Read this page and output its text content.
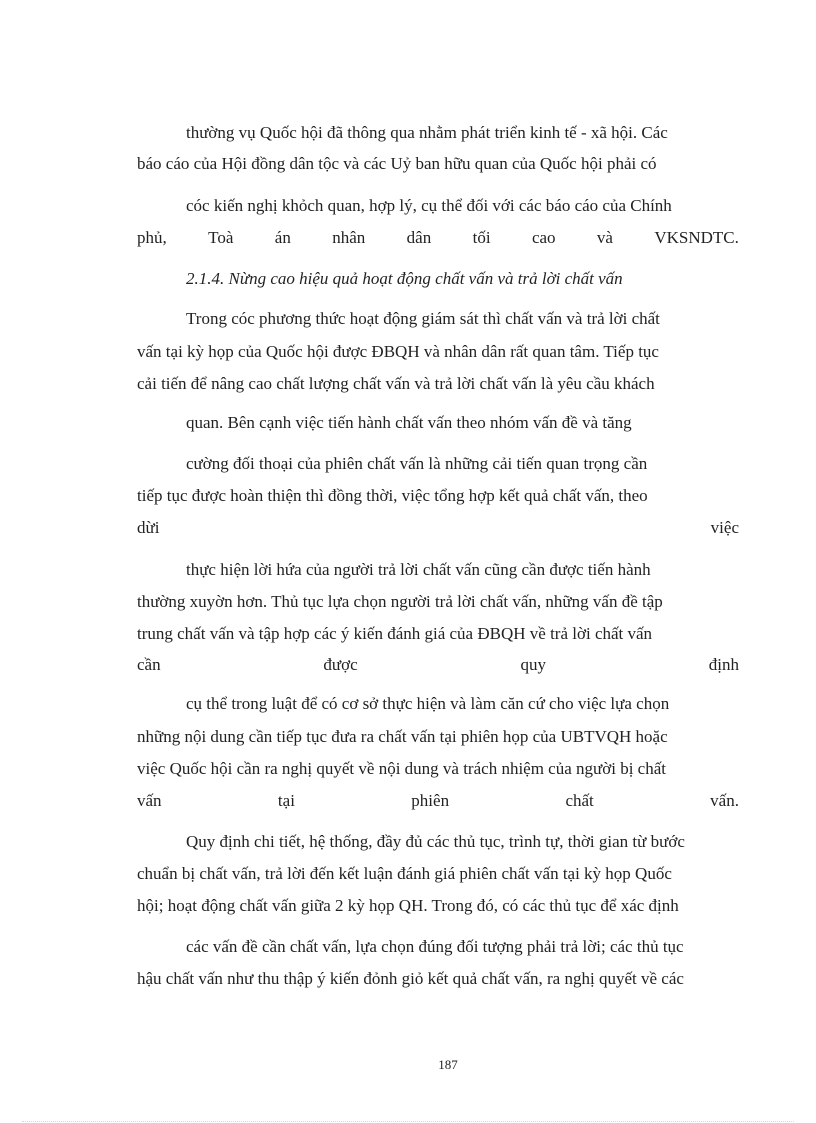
thường vụ Quốc hội đã thông qua nhằm phát triển kinh tế - xã hội. Các
báo cáo của Hội đồng dân tộc và các Uỷ ban hữu quan của Quốc hội phải có
cóc kiến nghị khỏch quan, hợp lý, cụ thể đối với các báo cáo của Chính
phủ, Toà án nhân dân tối cao và VKSNDTC.
2.1.4. Nừng cao hiệu quả hoạt động chất vấn và trả lời chất vấn
Trong cóc phương thức hoạt động giám sát thì chất vấn và trả lời chất
vấn tại kỳ họp của Quốc hội được ĐBQH và nhân dân rất quan tâm. Tiếp tục
cải tiến để nâng cao chất lượng chất vấn và trả lời chất vấn là yêu cầu khách
quan. Bên cạnh việc tiến hành chất vấn theo nhóm vấn đề và tăng
cường đối thoại của phiên chất vấn là những cải tiến quan trọng cần
tiếp tục được hoàn thiện thì đồng thời, việc tổng hợp kết quả chất vấn, theo
dừi	việc
thực hiện lời hứa của người trả lời chất vấn cũng cần được tiến hành
thường xuyờn hơn. Thủ tục lựa chọn người trả lời chất vấn, những vấn đề tập
trung chất vấn và tập hợp các ý kiến đánh giá của ĐBQH về trả lời chất vấn
cần	được	quy	định
cụ thể trong luật để có cơ sở thực hiện và làm căn cứ cho việc lựa chọn
những nội dung cần tiếp tục đưa ra chất vấn tại phiên họp của UBTVQH hoặc
việc Quốc hội cần ra nghị quyết về nội dung và trách nhiệm của người bị chất
vấn	tại	phiên	chất	vấn.
Quy định chi tiết, hệ thống, đầy đủ các thủ tục, trình tự, thời gian từ bước
chuẩn bị chất vấn, trả lời đến kết luận đánh giá phiên chất vấn tại kỳ họp Quốc
hội; hoạt động chất vấn giữa 2 kỳ họp QH. Trong đó, có các thủ tục để xác định
các vấn đề cần chất vấn, lựa chọn đúng đối tượng phải trả lời; các thủ tục
hậu chất vấn như thu thập ý kiến đỏnh giỏ kết quả chất vấn, ra nghị quyết về các
187
